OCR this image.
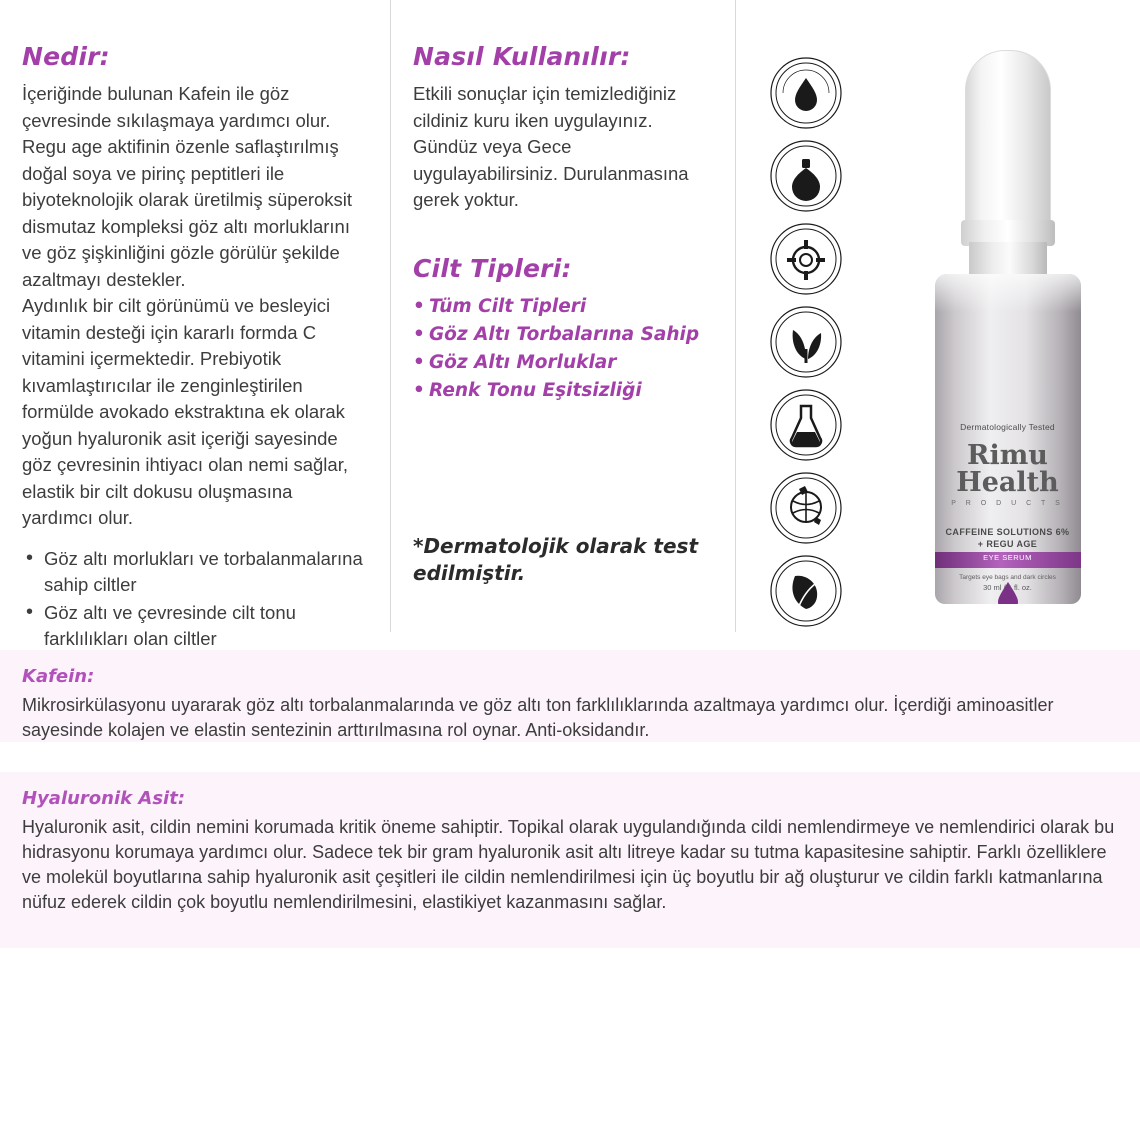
Nedir:

İçeriğinde bulunan Kafein ile göz çevresinde sıkılaşmaya yardımcı olur. Regu age aktifinin özenle saflaştırılmış doğal soya ve pirinç peptitleri ile biyoteknolojik olarak üretilmiş süperoksit dismutaz kompleksi göz altı morluklarını ve göz şişkinliğini gözle görülür şekilde azaltmayı destekler.

Aydınlık bir cilt görünümü ve besleyici vitamin desteği için kararlı formda C vitamini içermektedir. Prebiyotik kıvamlaştırıcılar ile zenginleştirilen formülde avokado ekstraktına ek olarak yoğun hyaluronik asit içeriği sayesinde göz çevresinin ihtiyacı olan nemi sağlar, elastik bir cilt dokusu oluşmasına yardımcı olur.

• Göz altı morlukları ve torbalanmalarına sahip ciltler
• Göz altı ve çevresinde cilt tonu farklılıkları olan ciltler
Nasıl Kullanılır:

Etkili sonuçlar için temizlediğiniz cildiniz kuru iken uygulayınız. Gündüz veya Gece uygulayabilirsiniz. Durulanmasına gerek yoktur.

Cilt Tipleri:
• Tüm Cilt Tipleri
• Göz Altı Torbalarına Sahip
• Göz Altı Morluklar
• Renk Tonu Eşitsizliği
*Dermatolojik olarak test edilmiştir.
Dermatologically Tested
Rimu
Health
P R O D U C T S
CAFFEINE SOLUTIONS 6%
+ REGU AGE
EYE SERUM
Targets eye bags and dark circles
30 ml / 1 fl. oz.
Kafein:

Mikrosirkülasyonu uyararak göz altı torbalanmalarında ve göz altı ton farklılıklarında azaltmaya yardımcı olur. İçerdiği aminoasitler sayesinde kolajen ve elastin sentezinin arttırılmasına rol oynar. Anti-oksidandır.

Hyaluronik Asit:

Hyaluronik asit, cildin nemini korumada kritik öneme sahiptir. Topikal olarak uygulandığında cildi nemlendirmeye ve nemlendirici olarak bu hidrasyonu korumaya yardımcı olur. Sadece tek bir gram hyaluronik asit altı litreye kadar su tutma kapasitesine sahiptir. Farklı özelliklere ve molekül boyutlarına sahip hyaluronik asit çeşitleri ile cildin nemlendirilmesi için üç boyutlu bir ağ oluşturur ve cildin farklı katmanlarına nüfuz ederek cildin çok boyutlu nemlendirilmesini, elastikiyet kazanmasını sağlar.
